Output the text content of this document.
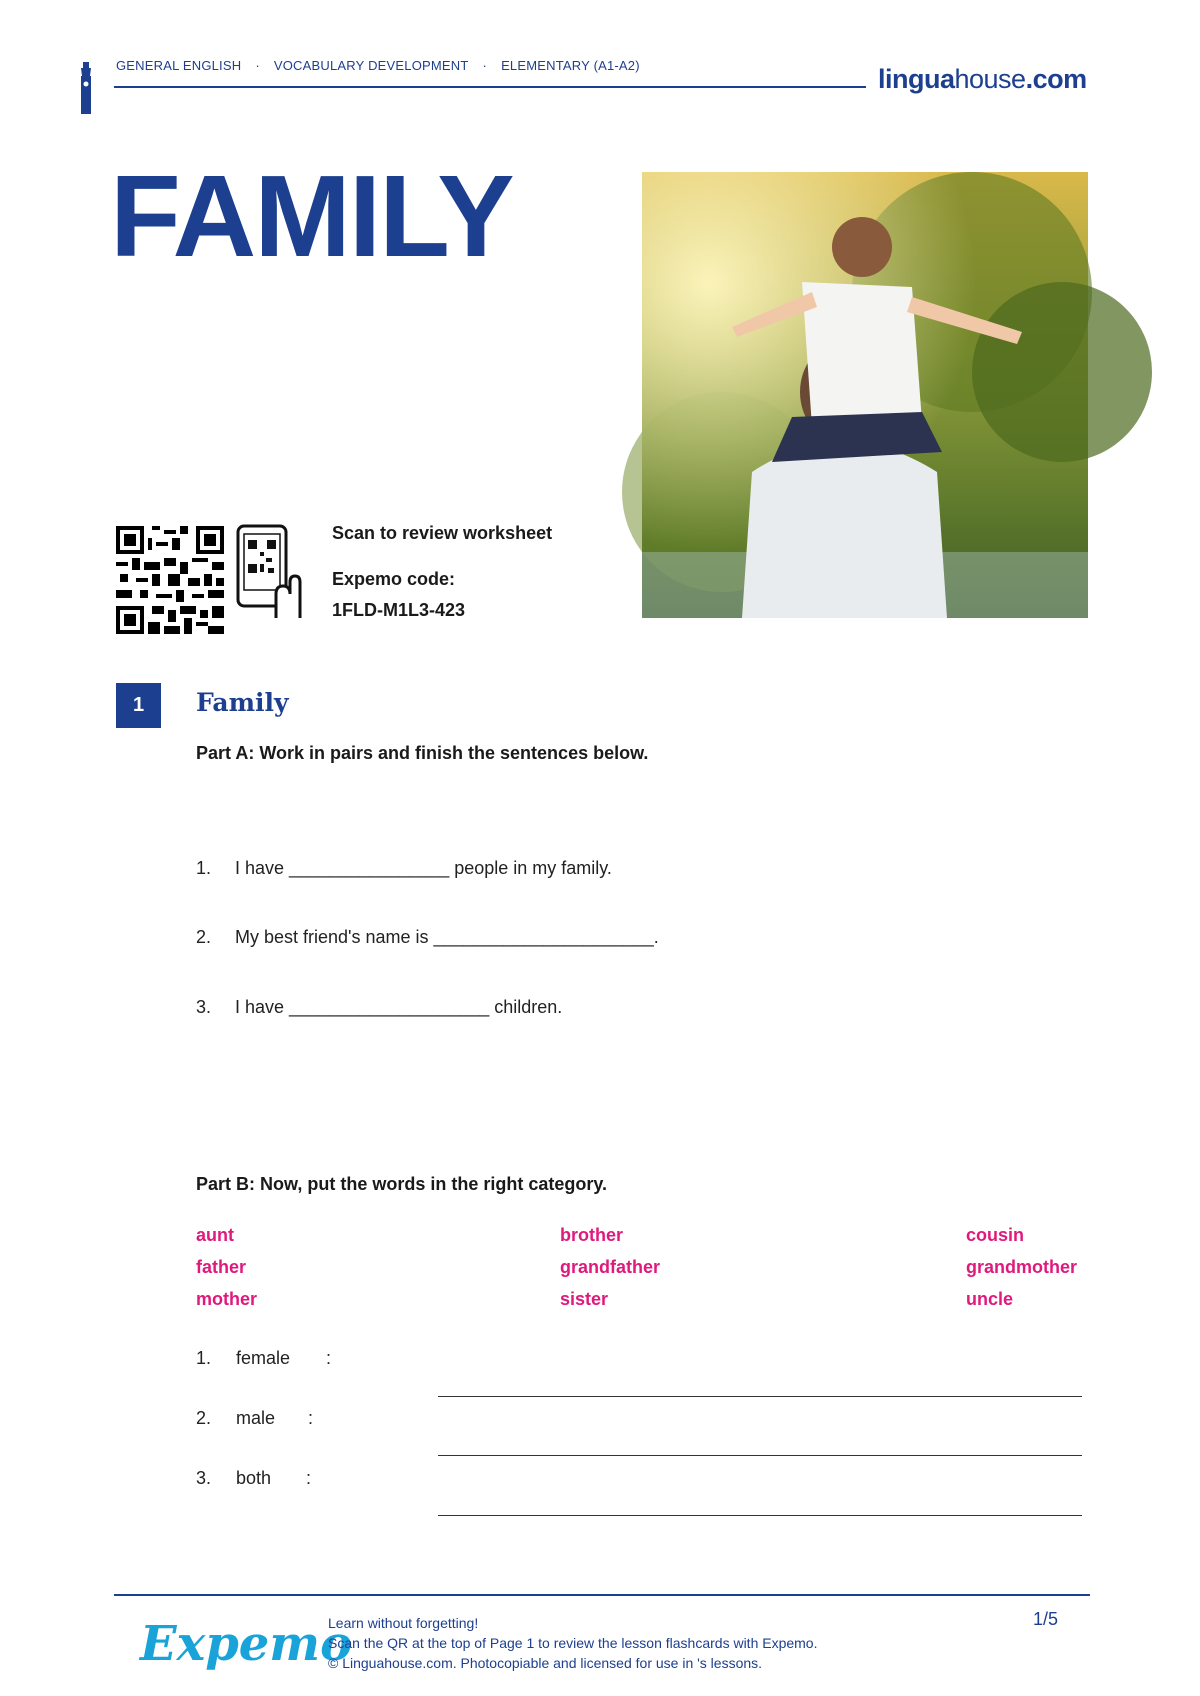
GENERAL ENGLISH · VOCABULARY DEVELOPMENT · ELEMENTARY (A1-A2)	linguahouse.com
FAMILY
Scan to review worksheet
Expemo code:
1FLD-M1L3-423
1	Family
Part A: Work in pairs and finish the sentences below.
1. I have ________________ people in my family.
2. My best friend's name is ______________________.
3. I have ____________________ children.
Part B: Now, put the words in the right category.
aunt	brother	cousin
father	grandfather	grandmother
mother	sister	uncle
1. female :
2. male :
3. both :
Expemo
Learn without forgetting!
Scan the QR at the top of Page 1 to review the lesson flashcards with Expemo.
© Linguahouse.com. Photocopiable and licensed for use in 's lessons.
1/5
